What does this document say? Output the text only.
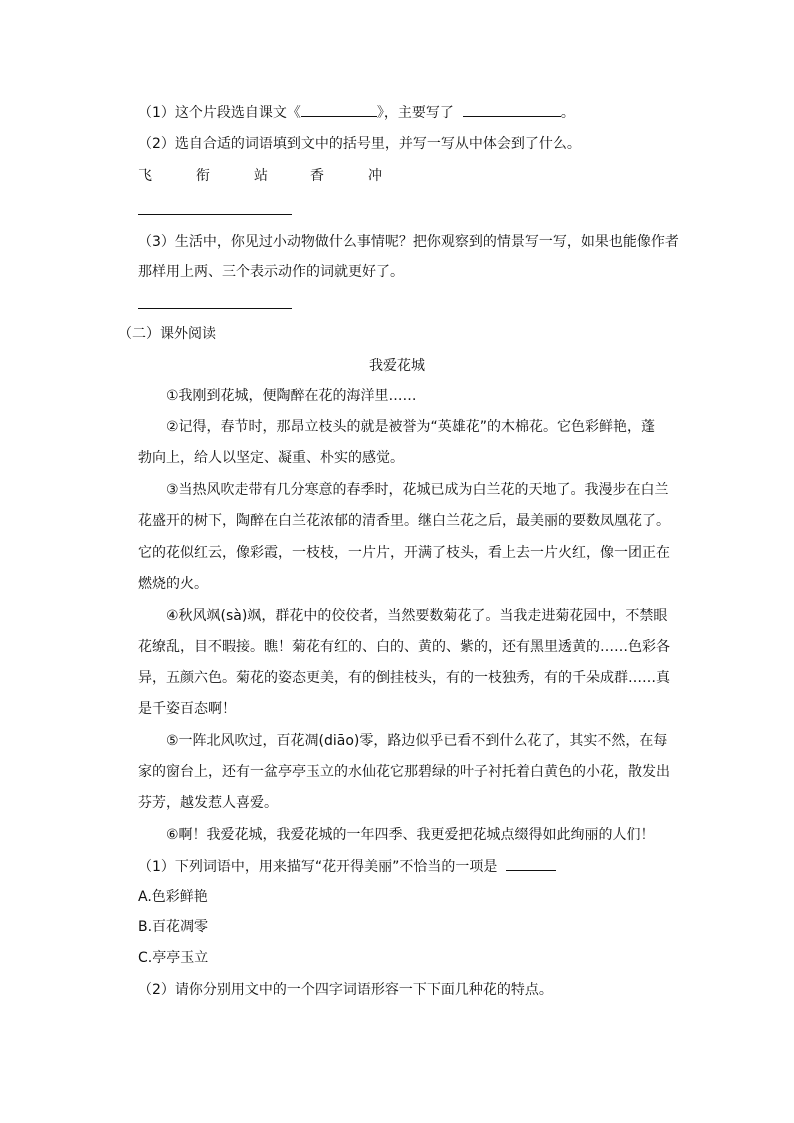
（1）这个片段选自课文《	》，主要写了	。
（2）选自合适的词语填到文中的括号里，并写一写从中体会到了什么。
飞	衔	站	香	冲
（3）生活中，你见过小动物做什么事情呢？把你观察到的情景写一写，如果也能像作者
那样用上两、三个表示动作的词就更好了。
（二）课外阅读
我爱花城
①我刚到花城，便陶醉在花的海洋里……
②记得，春节时，那昂立枝头的就是被誉为“英雄花”的木棉花。它色彩鲜艳，蓬
勃向上，给人以坚定、凝重、朴实的感觉。
③当热风吹走带有几分寒意的春季时，花城已成为白兰花的天地了。我漫步在白兰
花盛开的树下，陶醉在白兰花浓郁的清香里。继白兰花之后，最美丽的要数凤凰花了。
它的花似红云，像彩霞，一枝枝，一片片，开满了枝头，看上去一片火红，像一团正在
燃烧的火。
④秋风飒(sà)飒，群花中的佼佼者，当然要数菊花了。当我走进菊花园中，不禁眼
花缭乱，目不暇接。瞧！菊花有红的、白的、黄的、紫的，还有黑里透黄的……色彩各
异，五颜六色。菊花的姿态更美，有的倒挂枝头，有的一枝独秀，有的千朵成群……真
是千姿百态啊！
⑤一阵北风吹过，百花凋(diāo)零，路边似乎已看不到什么花了，其实不然，在每
家的窗台上，还有一盆亭亭玉立的水仙花它那碧绿的叶子衬托着白黄色的小花，散发出
芬芳，越发惹人喜爱。
⑥啊！我爱花城，我爱花城的一年四季、我更爱把花城点缀得如此绚丽的人们！
（1）下列词语中，用来描写“花开得美丽”不恰当的一项是
A.色彩鲜艳
B.百花凋零
C.亭亭玉立
（2）请你分别用文中的一个四字词语形容一下下面几种花的特点。
